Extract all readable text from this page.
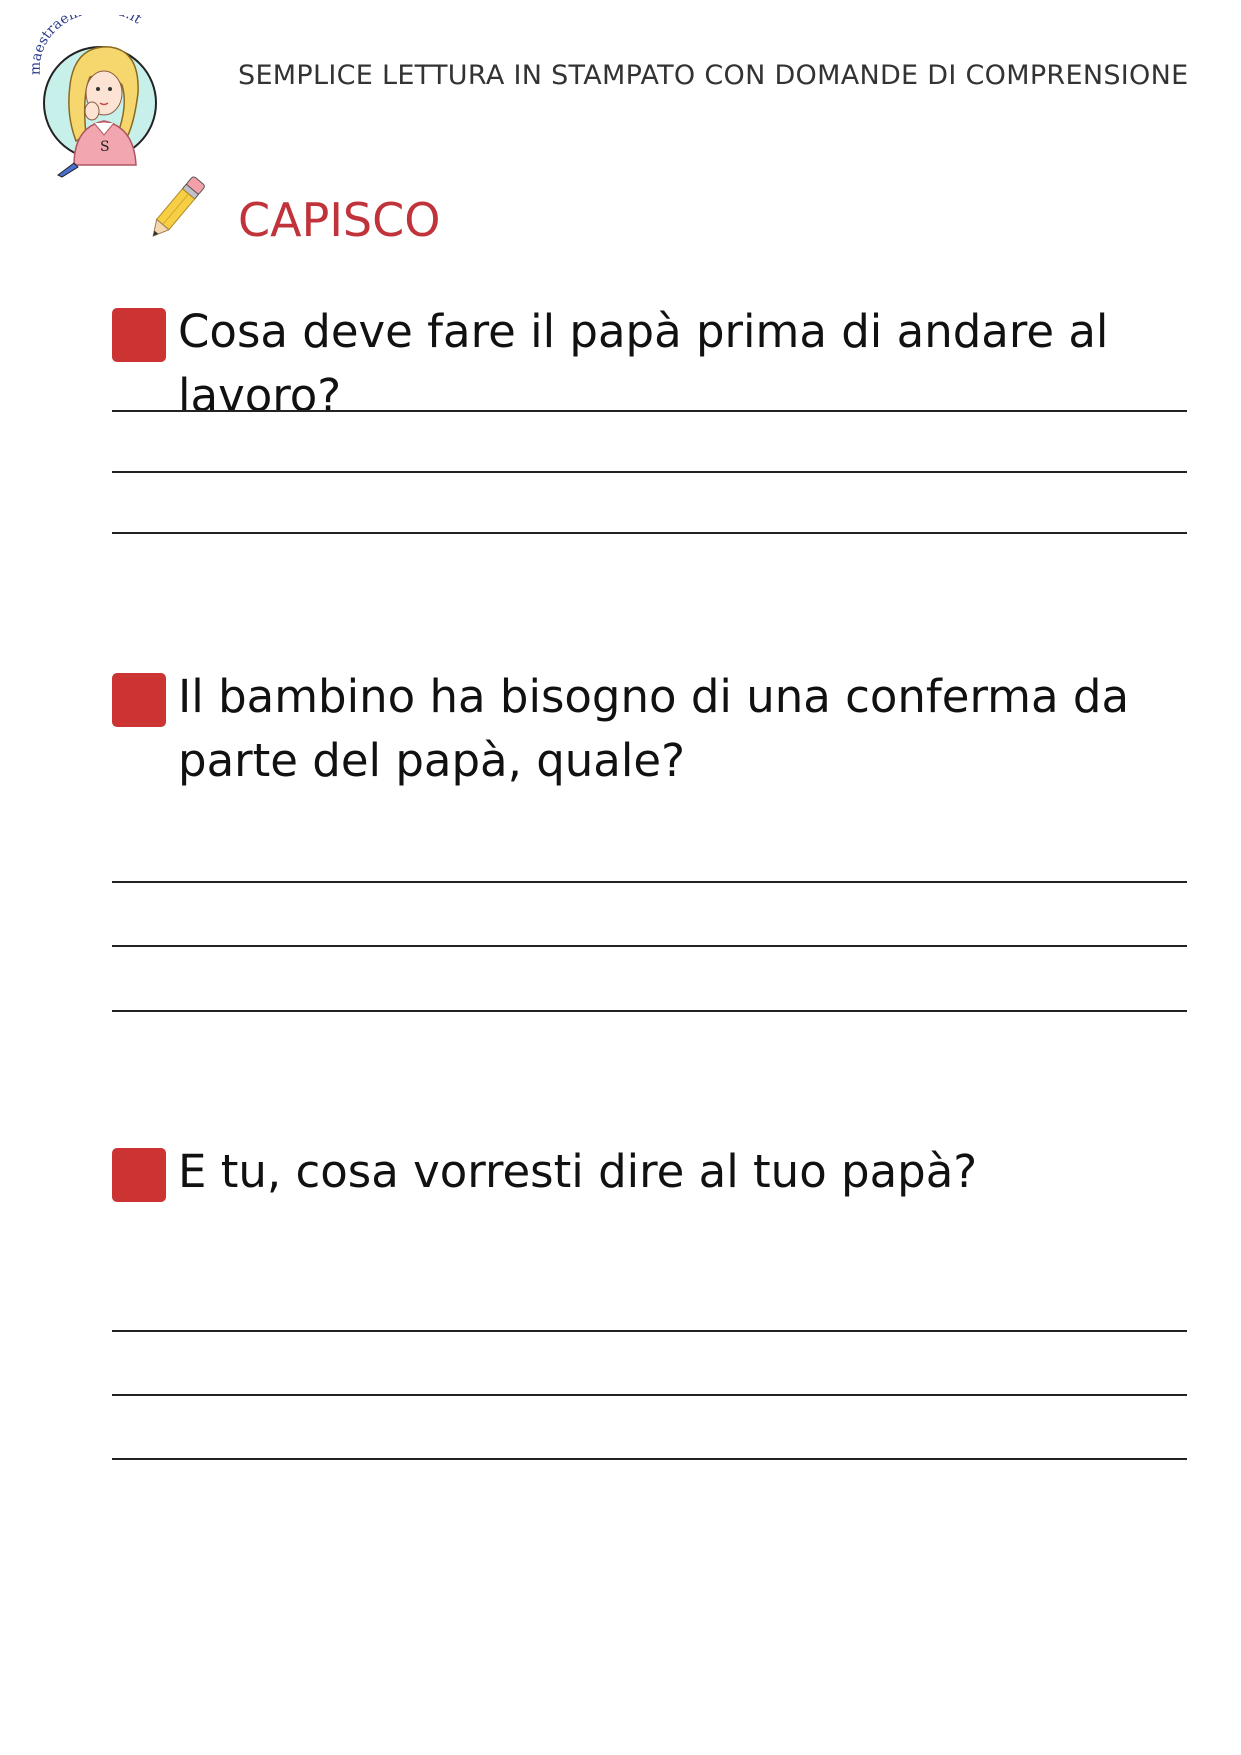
aestrae it
S
SEMPLICE LETTURA IN STAMPATO CON DOMANDE DI COMPRENSIONE
CAPISCO
Cosa deve fare il papà prima di andare al lavoro?
Il bambino ha bisogno di una conferma da parte del papà, quale?
E tu, cosa vorresti dire al tuo papà?
